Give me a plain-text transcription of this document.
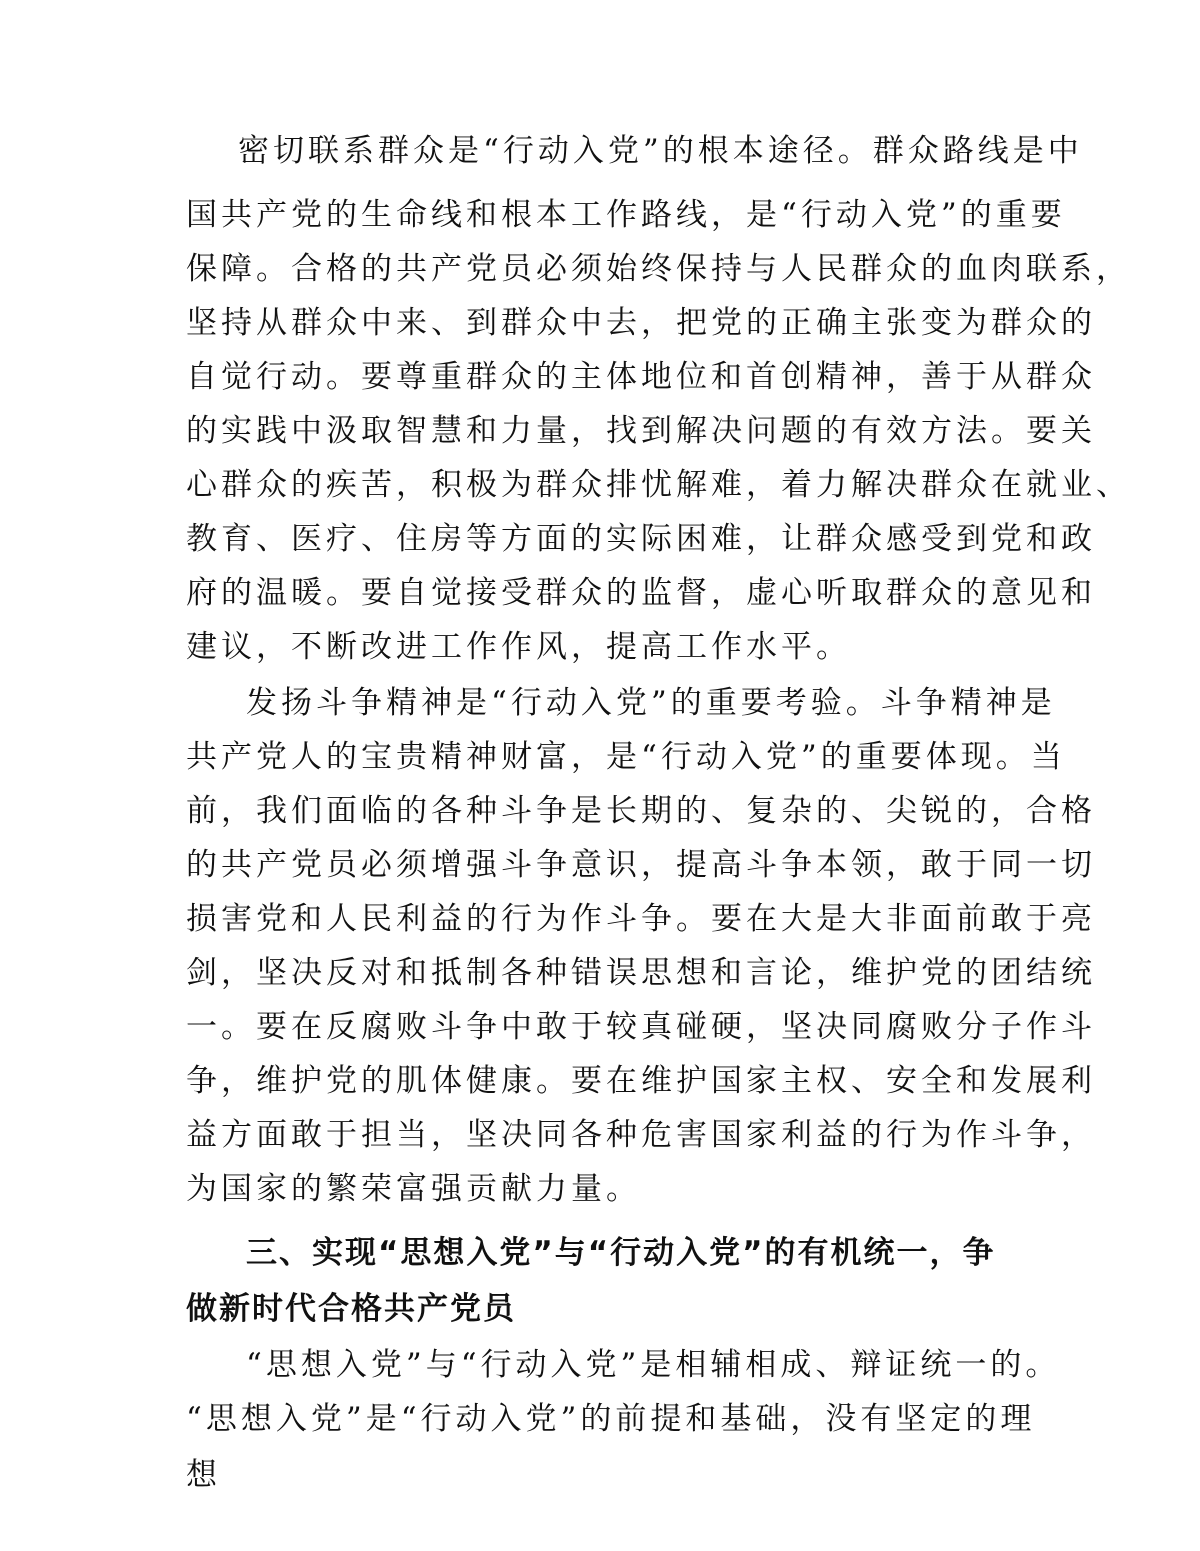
密切联系群众是“行动入党”的根本途径。群众路线是中
国共产党的生命线和根本工作路线，是“行动入党”的重要
保障。合格的共产党员必须始终保持与人民群众的血肉联系，
坚持从群众中来、到群众中去，把党的正确主张变为群众的
自觉行动。要尊重群众的主体地位和首创精神，善于从群众
的实践中汲取智慧和力量，找到解决问题的有效方法。要关
心群众的疾苦，积极为群众排忧解难，着力解决群众在就业、
教育、医疗、住房等方面的实际困难，让群众感受到党和政
府的温暖。要自觉接受群众的监督，虚心听取群众的意见和
建议，不断改进工作作风，提高工作水平。
发扬斗争精神是“行动入党”的重要考验。斗争精神是
共产党人的宝贵精神财富，是“行动入党”的重要体现。当
前，我们面临的各种斗争是长期的、复杂的、尖锐的，合格
的共产党员必须增强斗争意识，提高斗争本领，敢于同一切
损害党和人民利益的行为作斗争。要在大是大非面前敢于亮
剑，坚决反对和抵制各种错误思想和言论，维护党的团结统
一。要在反腐败斗争中敢于较真碰硬，坚决同腐败分子作斗
争，维护党的肌体健康。要在维护国家主权、安全和发展利
益方面敢于担当，坚决同各种危害国家利益的行为作斗争，
为国家的繁荣富强贡献力量。
三、实现“思想入党”与“行动入党”的有机统一，争
做新时代合格共产党员
“思想入党”与“行动入党”是相辅相成、辩证统一的。
“思想入党”是“行动入党”的前提和基础，没有坚定的理
想
